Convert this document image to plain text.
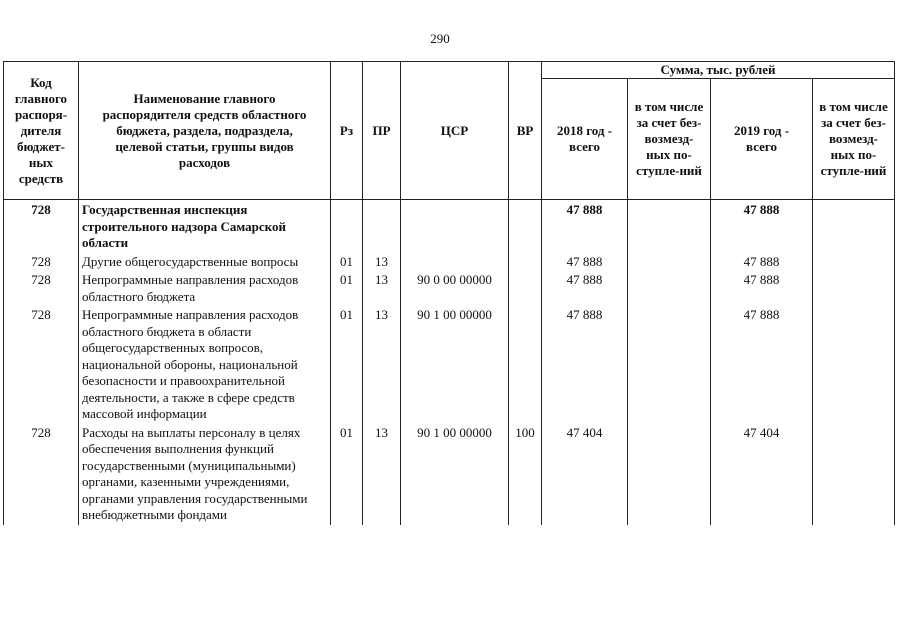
290
Код главного распоря-дителя бюджет-ных средств	Наименование главного распорядителя средств областного бюджета, раздела, подраздела, целевой статьи, группы видов расходов	Рз	ПР	ЦСР	ВР	Сумма, тыс. рублей			
						2018 год - всего	в том числе за счет без-возмезд-ных по-ступле-ний	2019 год - всего	в том числе за счет без-возмезд-ных по-ступле-ний
728	Государственная инспекция строительного надзора Самарской области					47 888		47 888	
728	Другие общегосударственные вопросы	01	13			47 888		47 888	
728	Непрограммные направления расходов областного бюджета	01	13	90 0 00 00000		47 888		47 888	
728	Непрограммные направления расходов областного бюджета в области общегосударственных вопросов, национальной обороны, национальной безопасности и правоохранительной деятельности, а также в сфере средств массовой информации	01	13	90 1 00 00000		47 888		47 888	
728	Расходы на выплаты персоналу в целях обеспечения выполнения функций государственными (муниципальными) органами, казенными учреждениями, органами управления государственными внебюджетными фондами	01	13	90 1 00 00000	100	47 404		47 404	
